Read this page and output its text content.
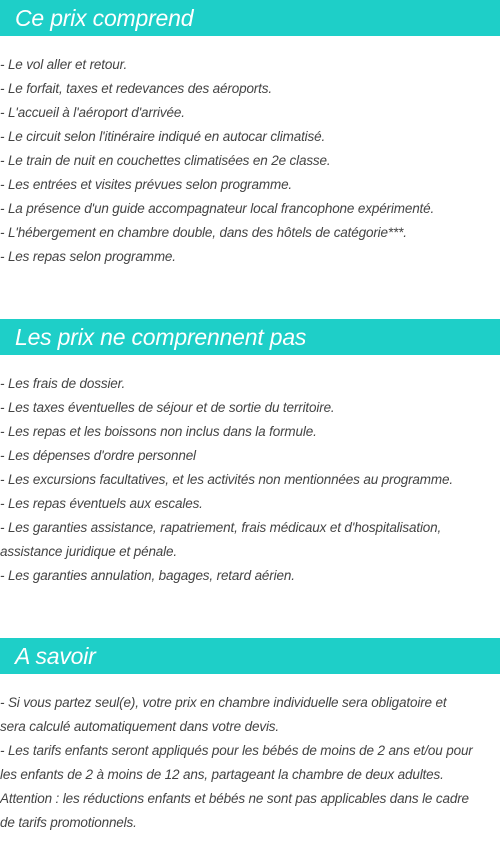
Ce prix comprend
- Le vol aller et retour.
- Le forfait, taxes et redevances des aéroports.
- L'accueil à l'aéroport d'arrivée.
- Le circuit selon l'itinéraire indiqué en autocar climatisé.
- Le train de nuit en couchettes climatisées en 2e classe.
- Les entrées et visites prévues selon programme.
- La présence d'un guide accompagnateur local francophone expérimenté.
- L'hébergement en chambre double, dans des hôtels de catégorie***.
- Les repas selon programme.
Les prix ne comprennent pas
- Les frais de dossier.
- Les taxes éventuelles de séjour et de sortie du territoire.
- Les repas et les boissons non inclus dans la formule.
- Les dépenses d'ordre personnel
- Les excursions facultatives, et les activités non mentionnées au programme.
- Les repas éventuels aux escales.
- Les garanties assistance, rapatriement, frais médicaux et d'hospitalisation,
assistance juridique et pénale.
- Les garanties annulation, bagages, retard aérien.
A savoir
- Si vous partez seul(e), votre prix en chambre individuelle sera obligatoire et
sera calculé automatiquement dans votre devis.
- Les tarifs enfants seront appliqués pour les bébés de moins de 2 ans et/ou pour
les enfants de 2 à moins de 12 ans, partageant la chambre de deux adultes.
Attention : les réductions enfants et bébés ne sont pas applicables dans le cadre
de tarifs promotionnels.
